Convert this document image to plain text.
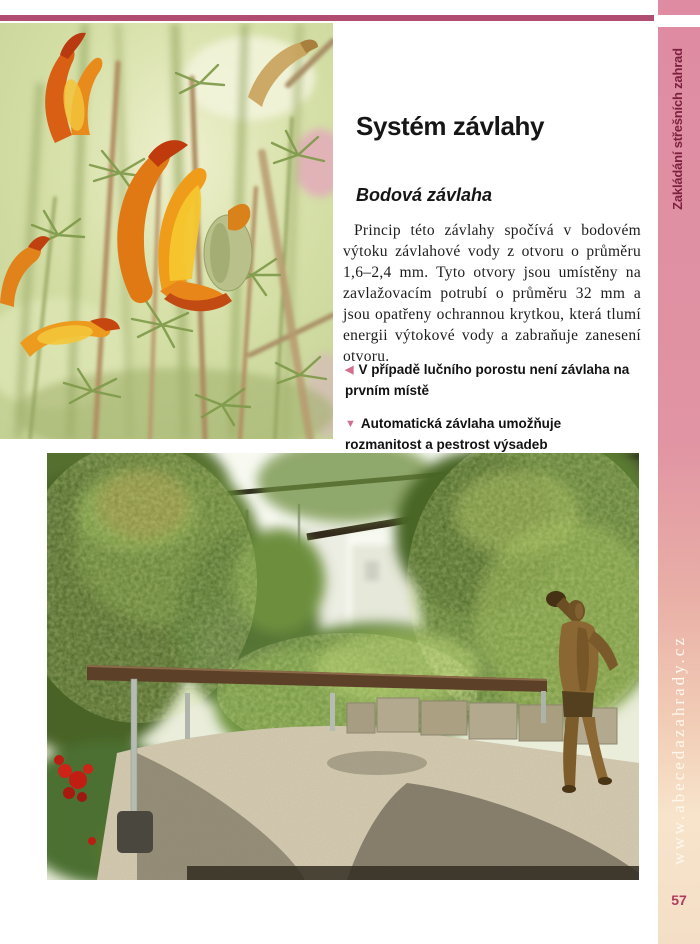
Zakládání střešních zahrad
www.abecedazahrady.cz
57
Systém závlahy
Bodová závlaha

Princip této závlahy spočívá v bodovém výtoku závlahové vody z otvoru o průměru 1,6–2,4 mm. Tyto otvory jsou umístěny na zavlažovacím potrubí o průměru 32 mm a jsou opatřeny ochrannou krytkou, která tlumí energii výtokové vody a zabraňuje zanesení otvoru.

◀ V případě lučního porostu není závlaha na prvním místě
▼ Automatická závlaha umožňuje rozmanitost a pestrost výsadeb
